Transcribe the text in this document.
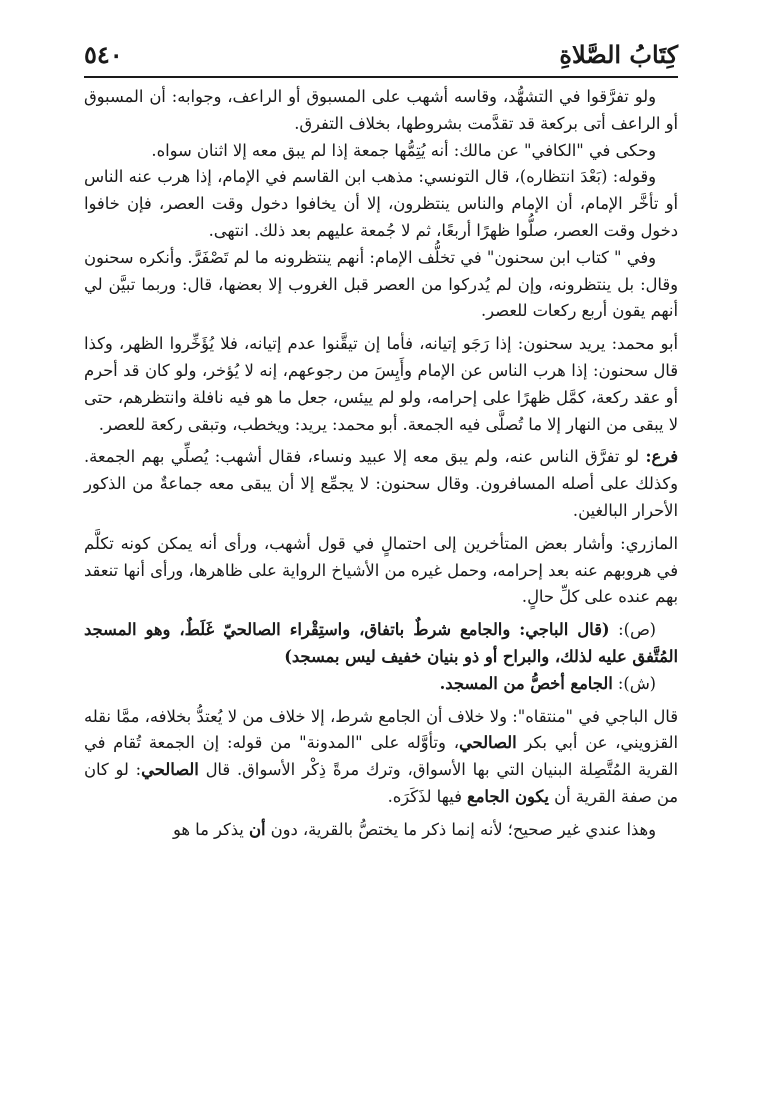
كِتَابُ الصَّلاةِ
٥٤٠

ولو تفرَّقوا في التشهُّد، وقاسه أشهب على المسبوق أو الراعف، وجوابه: أن المسبوق أو الراعف أتى بركعة قد تقدَّمت بشروطها، بخلاف التفرق.

وحكى في "الكافي" عن مالك: أنه يُتِمُّها جمعة إذا لم يبق معه إلا اثنان سواه.

وقوله: (بَعْدَ انتظاره)، قال التونسي: مذهب ابن القاسم في الإمام، إذا هرب عنه الناس أو تأخَّر الإمام، أن الإمام والناس ينتظرون، إلا أن يخافوا دخول وقت العصر، فإن خافوا دخول وقت العصر، صلُّوا ظهرًا أربعًا، ثم لا جُمعة عليهم بعد ذلك. انتهى.

وفي " كتاب ابن سحنون" في تخلُّف الإمام: أنهم ينتظرونه ما لم تَصْفَرَّ. وأنكره سحنون وقال: بل ينتظرونه، وإن لم يُدركوا من العصر قبل الغروب إلا بعضها، قال: وربما تبيَّن لي أنهم يقون أربع ركعات للعصر.

أبو محمد: يريد سحنون: إذا رَجَو إتيانه، فأما إن تيقَّنوا عدم إتيانه، فلا يُؤَخِّروا الظهر، وكذا قال سحنون: إذا هرب الناس عن الإمام وأَيِسَ من رجوعهم، إنه لا يُؤخر، ولو كان قد أحرم أو عقد ركعة، كمَّل ظهرًا على إحرامه، ولو لم ييئس، جعل ما هو فيه نافلة وانتظرهم، حتى لا يبقى من النهار إلا ما تُصلَّى فيه الجمعة. أبو محمد: يريد: ويخطب، وتبقى ركعة للعصر.

فرع: لو تفرَّق الناس عنه، ولم يبق معه إلا عبيد ونساء، فقال أشهب: يُصلِّي بهم الجمعة. وكذلك على أصله المسافرون. وقال سحنون: لا يجمِّع إلا أن يبقى معه جماعةٌ من الذكور الأحرار البالغين.

المازري: وأشار بعض المتأخرين إلى احتمالٍ في قول أشهب، ورأى أنه يمكن كونه تكلَّم في هروبهم عنه بعد إحرامه، وحمل غيره من الأشياخ الرواية على ظاهرها، ورأى أنها تنعقد بهم عنده على كلِّ حالٍ.

(ص): (قال الباجي: والجامع شرطٌ باتفاق، واستِقْراء الصالحيّ غَلَطٌ، وهو المسجد المُتَّفق عليه لذلك، والبراح أو ذو بنيان خفيف ليس بمسجد)

(ش): الجامع أخصُّ من المسجد.

قال الباجي في "منتقاه": ولا خلاف أن الجامع شرط، إلا خلاف من لا يُعتدُّ بخلافه، ممَّا نقله القزويني، عن أبي بكر الصالحي، وتأوَّله على "المدونة" من قوله: إن الجمعة تُقام في القرية المُتَّصِلة البنيان التي بها الأسواق، وترك مرةً ذِكْر الأسواق. قال الصالحي: لو كان من صفة القرية أن يكون الجامع فيها لذَكَرَه.

وهذا عندي غير صحيح؛ لأنه إنما ذكر ما يختصُّ بالقرية، دون أن يذكر ما هو
